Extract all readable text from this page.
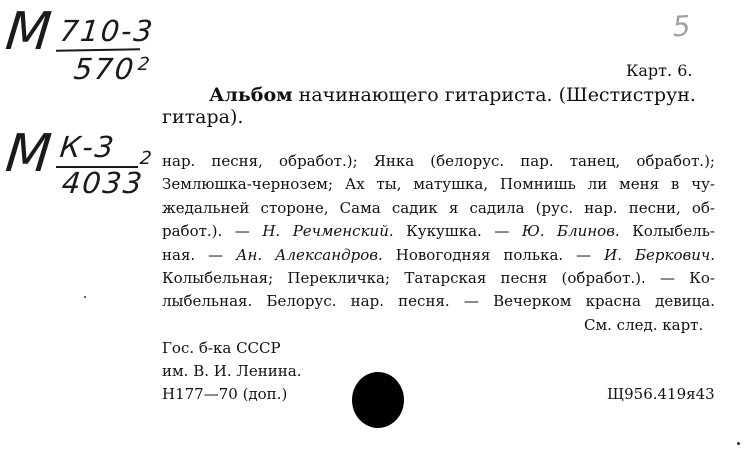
М 710-3
570 2
М К-3
4033
2
5
Карт. 6.
Альбом начинающего гитариста. (Шестиструн.
гитара).
нар. песня, обработ.); Янка (белорус. пар. танец, обработ.);
Землюшка-чернозем; Ах ты, матушка, Помнишь ли меня в чу-
жедальней стороне, Сама садик я садила (рус. нар. песни, об-
работ.). — Н. Речменский. Кукушка. — Ю. Блинов. Колыбель-
ная. — Ан. Александров. Новогодняя полька. — И. Беркович.
Колыбельная; Перекличка; Татарская песня (обработ.). — Ко-
лыбельная. Белорус. нар. песня. — Вечерком красна девица.
См. след. карт.
Гос. б-ка СССР
им. В. И. Ленина.
Н177—70 (доп.)	Щ956.419я43
